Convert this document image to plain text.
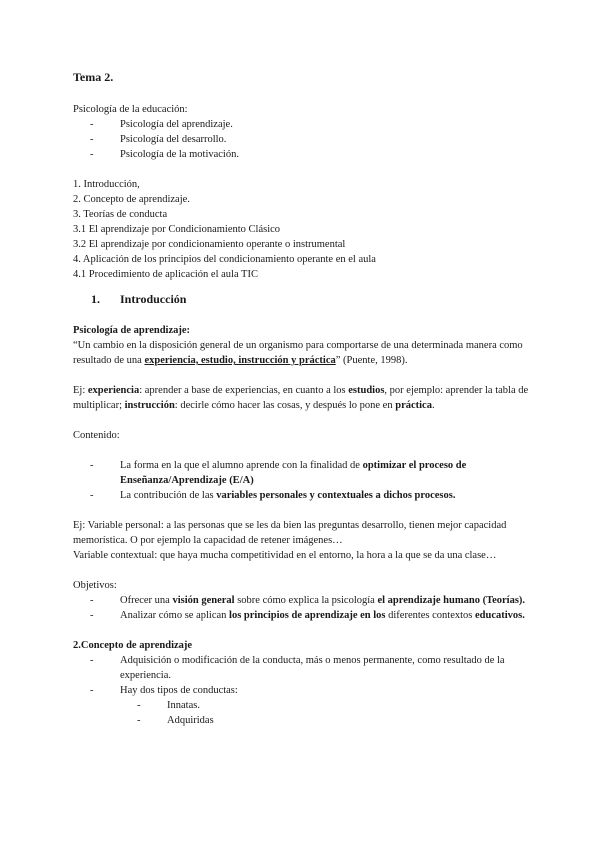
Tema 2.

Psicología de la educación:

- Psicología del aprendizaje.
- Psicología del desarrollo.
- Psicología de la motivación.

1. Introducción,

2. Concepto de aprendizaje.

3. Teorías de conducta

3.1 El aprendizaje por Condicionamiento Clásico

3.2 El aprendizaje por condicionamiento operante o instrumental

4. Aplicación de los principios del condicionamiento operante en el aula

4.1 Procedimiento de aplicación el aula TIC

1. Introducción

Psicología de aprendizaje:

“Un cambio en la disposición general de un organismo para comportarse de una determinada manera como resultado de una experiencia, estudio, instrucción y práctica” (Puente, 1998).

Ej: experiencia: aprender a base de experiencias, en cuanto a los estudios, por ejemplo: aprender la tabla de multiplicar; instrucción: decirle cómo hacer las cosas, y después lo pone en práctica.

Contenido:

- La forma en la que el alumno aprende con la finalidad de optimizar el proceso de Enseñanza/Aprendizaje (E/A)
- La contribución de las variables personales y contextuales a dichos procesos.

Ej: Variable personal: a las personas que se les da bien las preguntas desarrollo, tienen mejor capacidad memorística. O por ejemplo la capacidad de retener imágenes…

Variable contextual: que haya mucha competitividad en el entorno, la hora a la que se da una clase…

Objetivos:

- Ofrecer una visión general sobre cómo explica la psicología el aprendizaje humano (Teorías).
- Analizar cómo se aplican los principios de aprendizaje en los diferentes contextos educativos.

2.Concepto de aprendizaje

- Adquisición o modificación de la conducta, más o menos permanente, como resultado de la experiencia.
- Hay dos tipos de conductas:
- Innatas.
- Adquiridas
